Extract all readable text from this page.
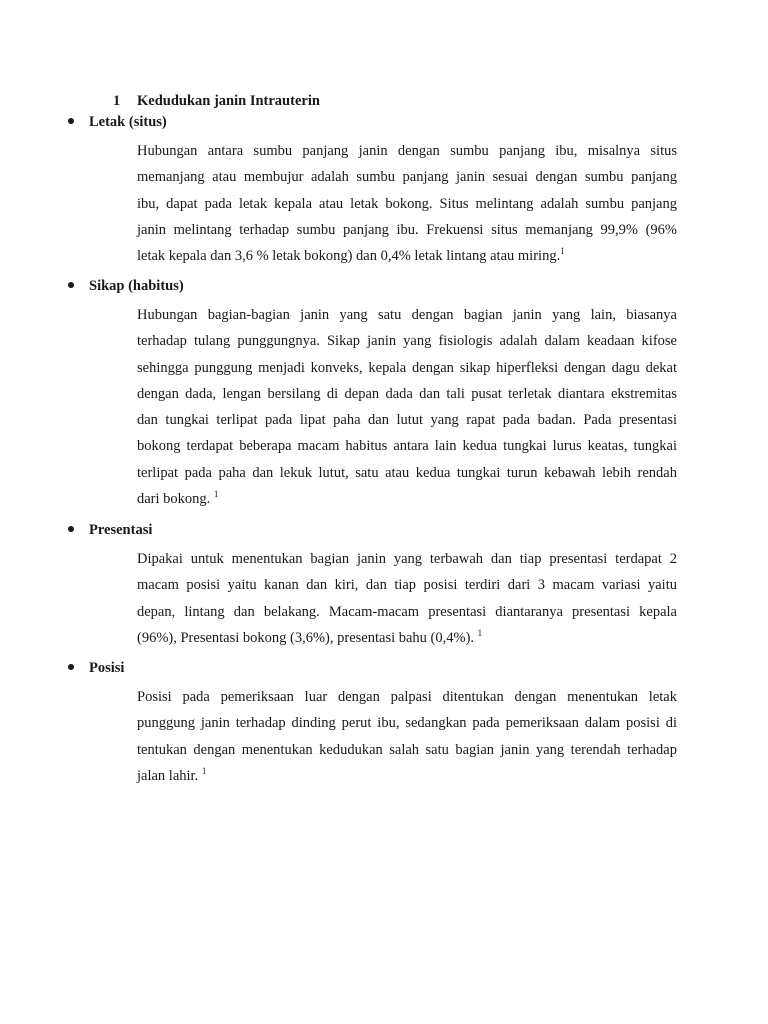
1 Kedudukan janin Intrauterin
Letak (situs)
Hubungan antara sumbu panjang janin dengan sumbu panjang ibu, misalnya situs
memanjang atau membujur adalah sumbu panjang janin sesuai dengan sumbu panjang
ibu, dapat pada letak kepala atau letak bokong. Situs melintang adalah sumbu panjang
janin melintang terhadap sumbu panjang ibu. Frekuensi situs memanjang 99,9% (96%
letak kepala dan 3,6 % letak bokong) dan 0,4% letak lintang atau miring.$^1$
Sikap (habitus)
Hubungan bagian-bagian janin yang satu dengan bagian janin yang lain, biasanya
terhadap tulang punggungnya. Sikap janin yang fisiologis adalah dalam keadaan kifose
sehingga punggung menjadi konveks, kepala dengan sikap hiperfleksi dengan dagu dekat
dengan dada, lengan bersilang di depan dada dan tali pusat terletak diantara ekstremitas
dan tungkai terlipat pada lipat paha dan lutut yang rapat pada badan. Pada presentasi
bokong terdapat beberapa macam habitus antara lain kedua tungkai lurus keatas, tungkai
terlipat pada paha dan lekuk lutut, satu atau kedua tungkai turun kebawah lebih rendah
dari bokong. $^1$
Presentasi
Dipakai untuk menentukan bagian janin yang terbawah dan tiap presentasi terdapat 2
macam posisi yaitu kanan dan kiri, dan tiap posisi terdiri dari 3 macam variasi yaitu
depan, lintang dan belakang. Macam-macam presentasi diantaranya presentasi kepala
(96%), Presentasi bokong (3,6%), presentasi bahu (0,4%). $^1$
Posisi
Posisi pada pemeriksaan luar dengan palpasi ditentukan dengan menentukan letak
punggung janin terhadap dinding perut ibu, sedangkan pada pemeriksaan dalam posisi di
tentukan dengan menentukan kedudukan salah satu bagian janin yang terendah terhadap
jalan lahir. $^1$
